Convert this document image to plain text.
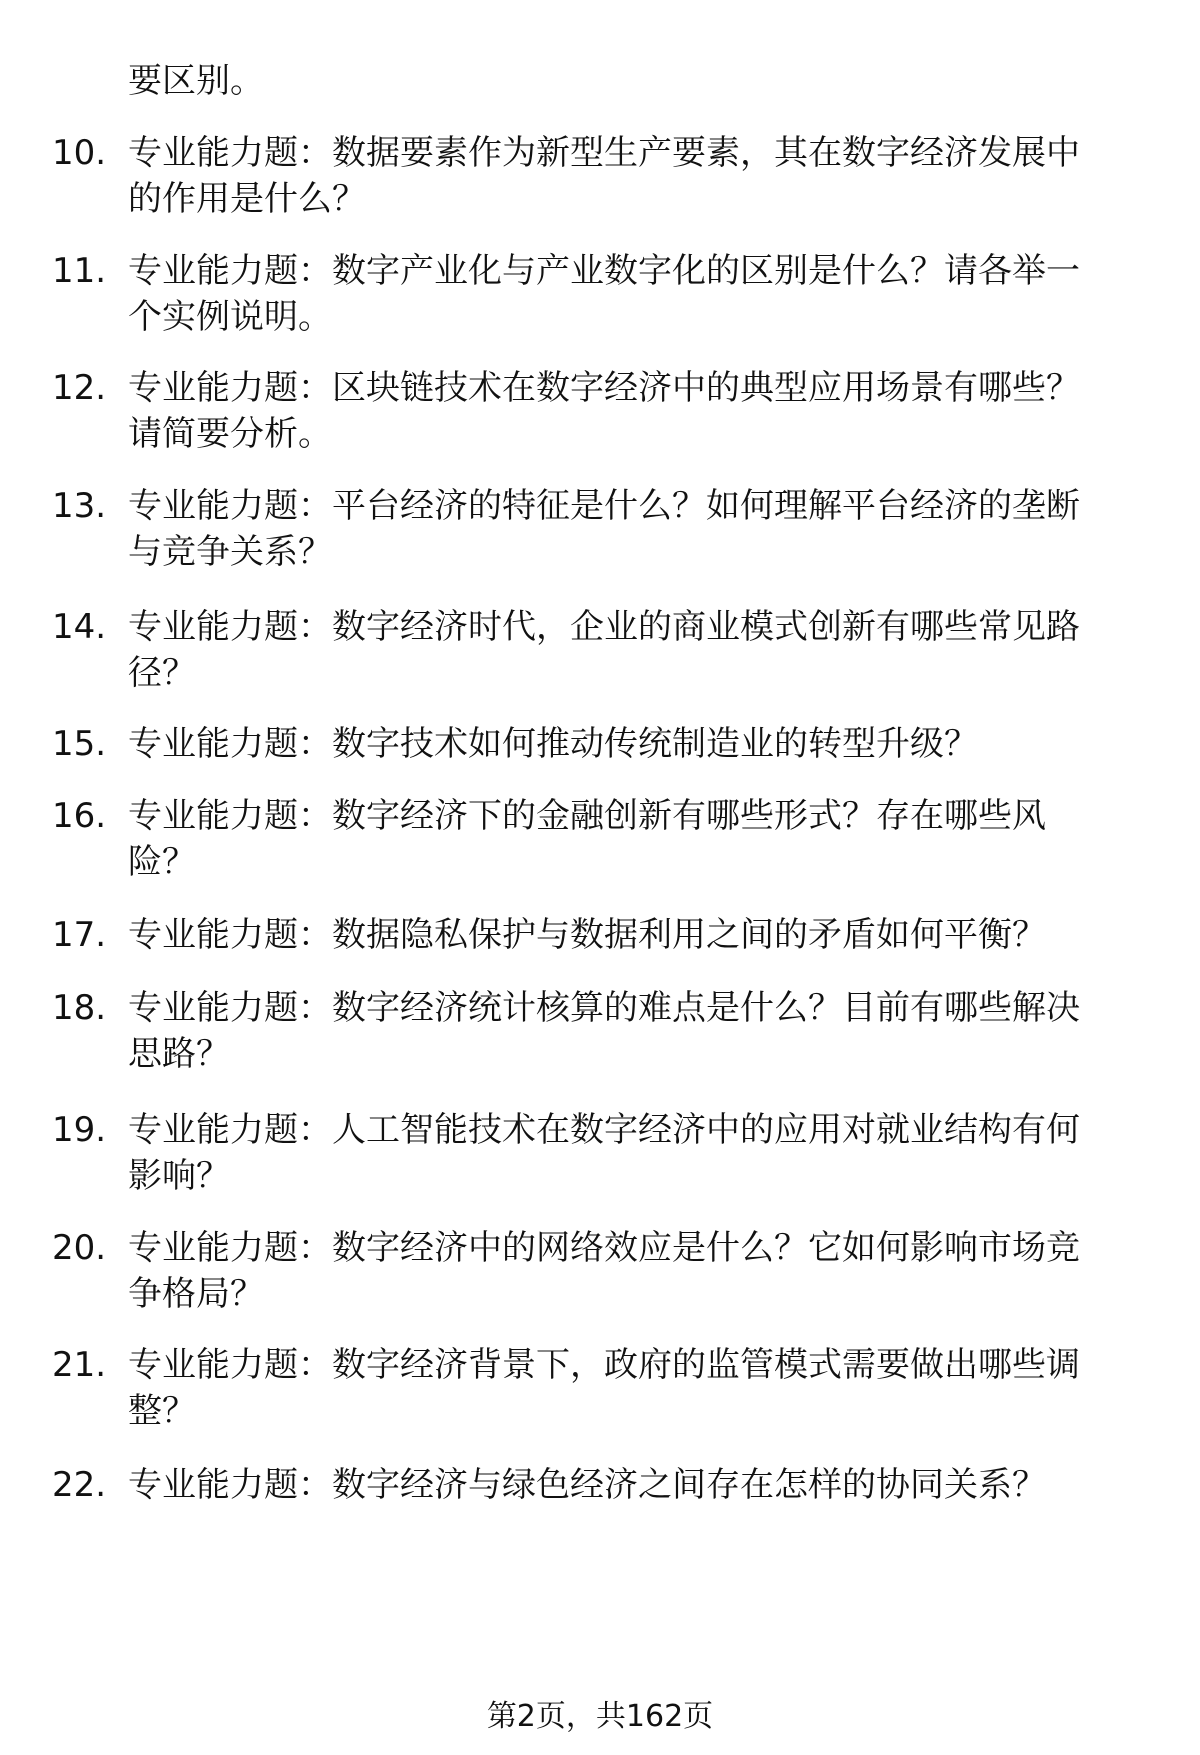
要区别。
10. 专业能力题：数据要素作为新型生产要素，其在数字经济发展中
的作用是什么？
11. 专业能力题：数字产业化与产业数字化的区别是什么？请各举一
个实例说明。
12. 专业能力题：区块链技术在数字经济中的典型应用场景有哪些？
请简要分析。
13. 专业能力题：平台经济的特征是什么？如何理解平台经济的垄断
与竞争关系？
14. 专业能力题：数字经济时代，企业的商业模式创新有哪些常见路
径？
15. 专业能力题：数字技术如何推动传统制造业的转型升级？
16. 专业能力题：数字经济下的金融创新有哪些形式？存在哪些风
险？
17. 专业能力题：数据隐私保护与数据利用之间的矛盾如何平衡？
18. 专业能力题：数字经济统计核算的难点是什么？目前有哪些解决
思路？
19. 专业能力题：人工智能技术在数字经济中的应用对就业结构有何
影响？
20. 专业能力题：数字经济中的网络效应是什么？它如何影响市场竞
争格局？
21. 专业能力题：数字经济背景下，政府的监管模式需要做出哪些调
整？
22. 专业能力题：数字经济与绿色经济之间存在怎样的协同关系？
第2页，共162页
